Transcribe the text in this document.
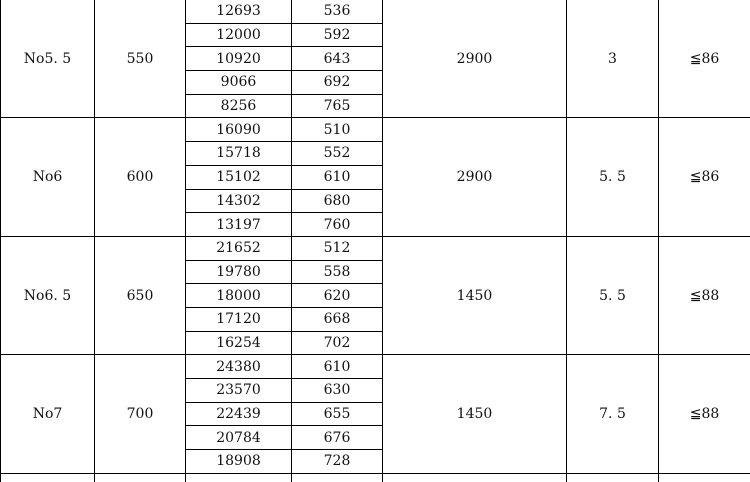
No5. 5	550	12693	536	2900	3	≦86	
		12000	592				
		10920	643				
		9066	692				
		8256	765				
No6	600	16090	510	2900	5. 5	≦86	
		15718	552				
		15102	610				
		14302	680				
		13197	760				
No6. 5	650	21652	512	1450	5. 5	≦88	
		19780	558				
		18000	620				
		17120	668				
		16254	702				
No7	700	24380	610	1450	7. 5	≦88	
		23570	630				
		22439	655				
		20784	676				
		18908	728				
